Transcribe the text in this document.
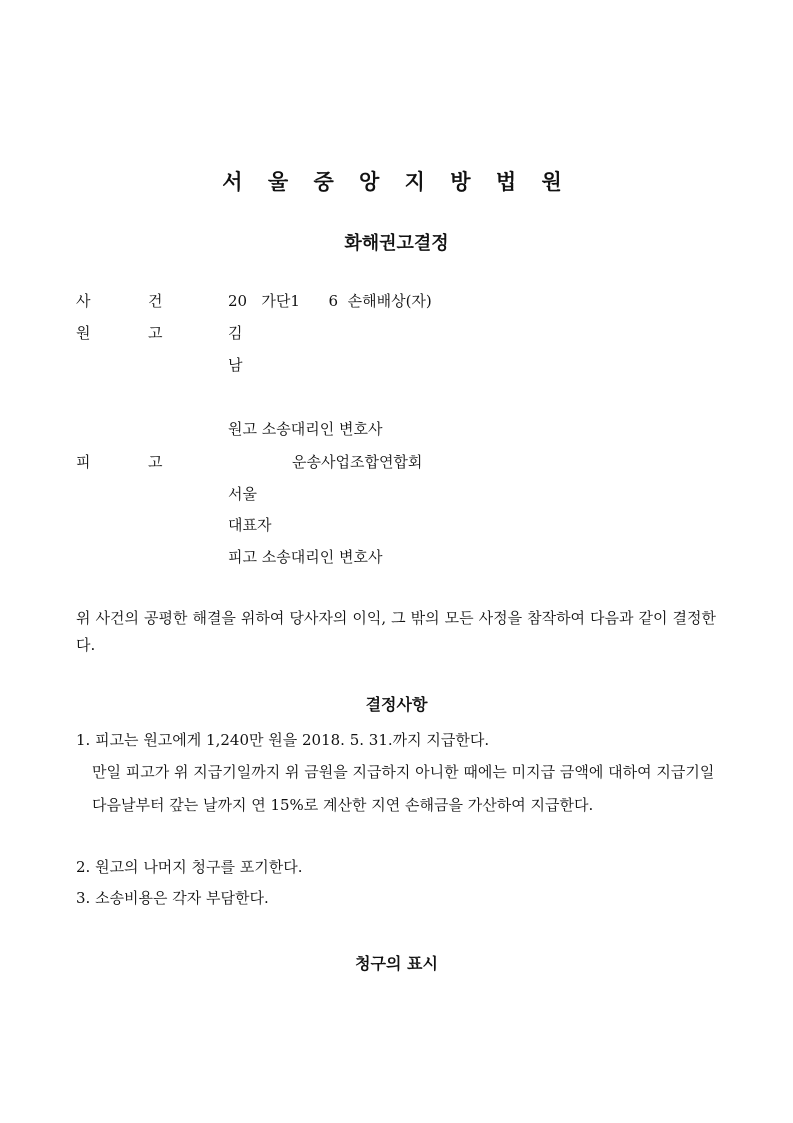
서 울 중 앙 지 방 법 원
화해권고결정
사	건	20   가단1      6  손해배상(자)
원	고	김
남
원고 소송대리인 변호사
피	고	운송사업조합연합회
서울
대표자
피고 소송대리인 변호사
위 사건의 공평한 해결을 위하여 당사자의 이익, 그 밖의 모든 사정을 참작하여 다음과 같이 결정한다.
결정사항
1. 피고는 원고에게 1,240만 원을 2018. 5. 31.까지 지급한다.
만일 피고가 위 지급기일까지 위 금원을 지급하지 아니한 때에는 미지급 금액에 대하여 지급기일 다음날부터 갚는 날까지 연 15%로 계산한 지연 손해금을 가산하여 지급한다.
2. 원고의 나머지 청구를 포기한다.
3. 소송비용은 각자 부담한다.
청구의 표시
